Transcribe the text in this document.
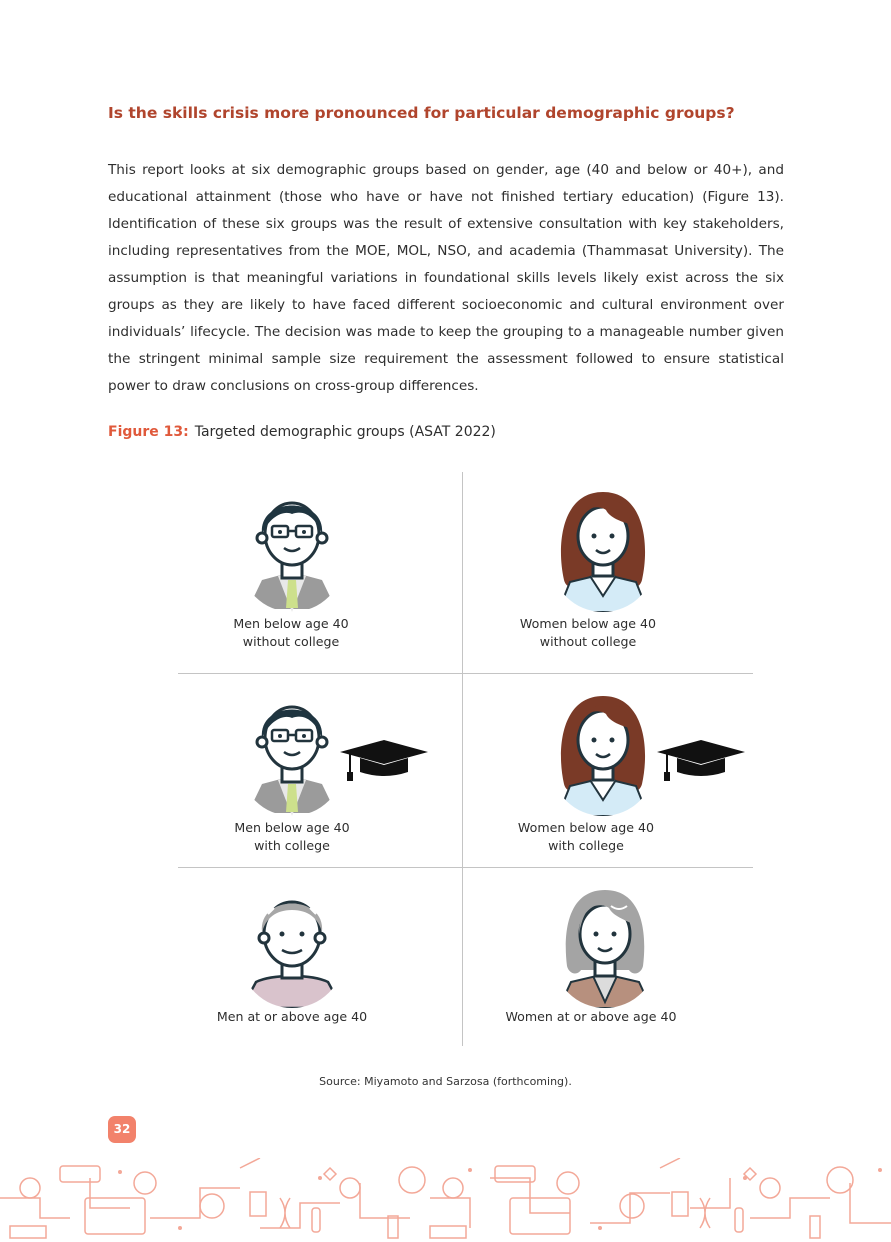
Is the skills crisis more pronounced for particular demographic groups?
This report looks at six demographic groups based on gender, age (40 and below or 40+), and educational attainment (those who have or have not finished tertiary education) (Figure 13). Identification of these six groups was the result of extensive consultation with key stakeholders, including representatives from the MOE, MOL, NSO, and academia (Thammasat University). The assumption is that meaningful variations in foundational skills levels likely exist across the six groups as they are likely to have faced different socioeconomic and cultural environment over individuals’ lifecycle. The decision was made to keep the grouping to a manageable number given the stringent minimal sample size requirement the assessment followed to ensure statistical power to draw conclusions on cross-group differences.
Figure 13: Targeted demographic groups (ASAT 2022)
Men below age 40
without college
Women below age 40
without college
Men below age 40
with college
Women below age 40
with college
Men at or above age 40	Women at or above age 40
Source: Miyamoto and Sarzosa (forthcoming).
32
